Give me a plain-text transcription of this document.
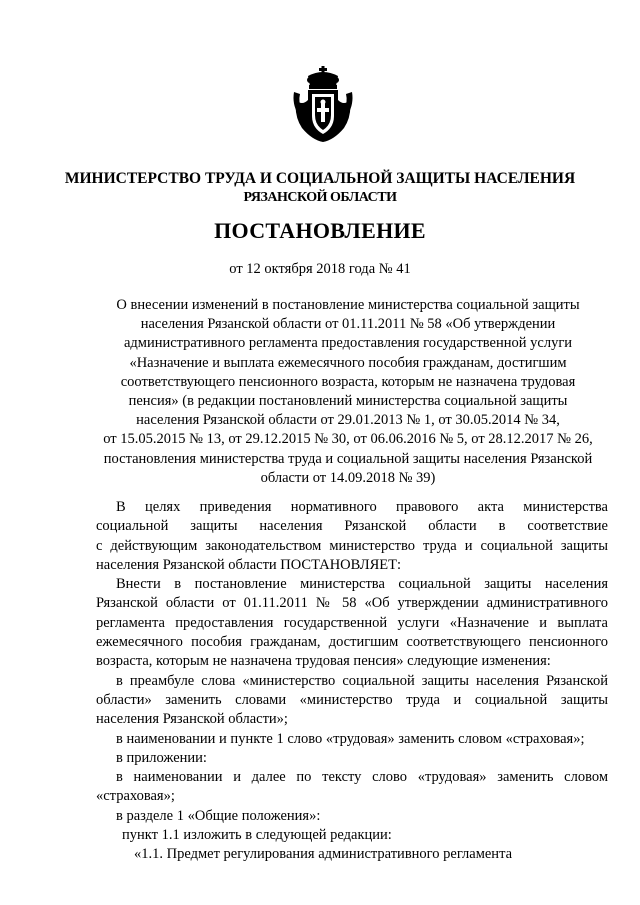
МИНИСТЕРСТВО ТРУДА И СОЦИАЛЬНОЙ ЗАЩИТЫ НАСЕЛЕНИЯ
РЯЗАНСКОЙ ОБЛАСТИ
ПОСТАНОВЛЕНИЕ
от 12 октября 2018 года № 41
О внесении изменений в постановление министерства социальной защиты
населения Рязанской области от 01.11.2011 № 58 «Об утверждении
административного регламента предоставления государственной услуги
«Назначение и выплата ежемесячного пособия гражданам, достигшим
соответствующего пенсионного возраста, которым не назначена трудовая
пенсия» (в редакции постановлений министерства социальной защиты
населения Рязанской области от 29.01.2013 № 1, от 30.05.2014 № 34,
от 15.05.2015 № 13, от 29.12.2015 № 30, от 06.06.2016 № 5, от 28.12.2017 № 26,
постановления министерства труда и социальной защиты населения Рязанской
области от 14.09.2018 № 39)
В целях приведения нормативного правового акта министерства
социальной защиты населения Рязанской области в соответствие
с действующим законодательством министерство труда и социальной защиты
населения Рязанской области ПОСТАНОВЛЯЕТ:
Внести в постановление министерства социальной защиты населения
Рязанской области от 01.11.2011 № 58 «Об утверждении административного
регламента предоставления государственной услуги «Назначение и выплата
ежемесячного пособия гражданам, достигшим соответствующего пенсионного
возраста, которым не назначена трудовая пенсия» следующие изменения:
в преамбуле слова «министерство социальной защиты населения Рязанской
области» заменить словами «министерство труда и социальной защиты
населения Рязанской области»;
в наименовании и пункте 1 слово «трудовая» заменить словом «страховая»;
в приложении:
в наименовании и далее по тексту слово «трудовая» заменить словом
«страховая»;
в разделе 1 «Общие положения»:
пункт 1.1 изложить в следующей редакции:
«1.1. Предмет регулирования административного регламента
